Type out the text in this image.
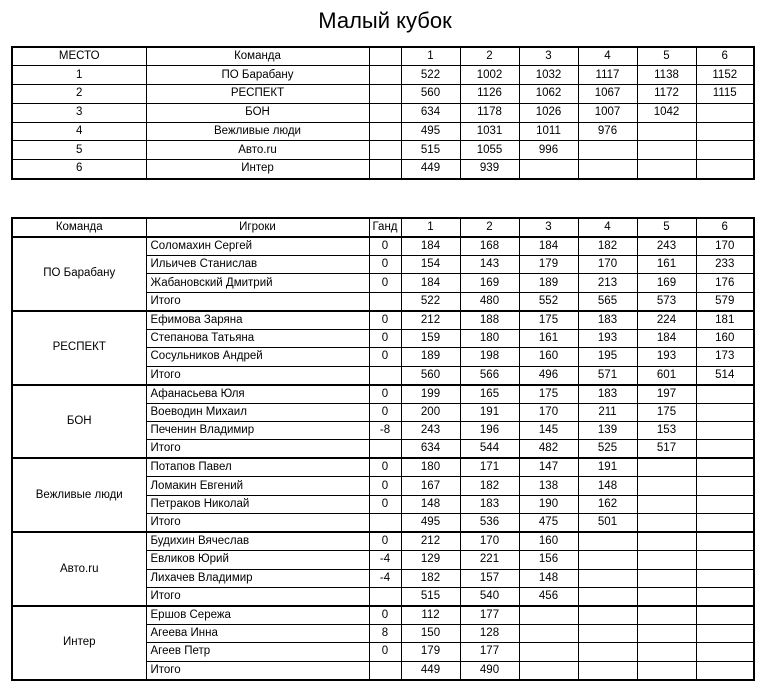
Малый кубок
МЕСТО	Команда		1	2	3	4	5	6
1	ПО Барабану		522	1002	1032	1117	1138	1152
2	РЕСПЕКТ		560	1126	1062	1067	1172	1115
3	БОН		634	1178	1026	1007	1042	
4	Вежливые люди		495	1031	1011	976		
5	Авто.ru		515	1055	996			
6	Интер		449	939				
Команда	Игроки	Ганд	1	2	3	4	5	6
ПО Барабану	Соломахин Сергей	0	184	168	184	182	243	170
	Ильичев Станислав	0	154	143	179	170	161	233
	Жабановский Дмитрий	0	184	169	189	213	169	176
	Итого		522	480	552	565	573	579
РЕСПЕКТ	Ефимова Заряна	0	212	188	175	183	224	181
	Степанова Татьяна	0	159	180	161	193	184	160
	Сосульников Андрей	0	189	198	160	195	193	173
	Итого		560	566	496	571	601	514
БОН	Афанасьева Юля	0	199	165	175	183	197	
	Воеводин Михаил	0	200	191	170	211	175	
	Печенин Владимир	-8	243	196	145	139	153	
	Итого		634	544	482	525	517	
Вежливые люди	Потапов Павел	0	180	171	147	191		
	Ломакин Евгений	0	167	182	138	148		
	Петраков Николай	0	148	183	190	162		
	Итого		495	536	475	501		
Авто.ru	Будихин Вячеслав	0	212	170	160			
	Евликов Юрий	-4	129	221	156			
	Лихачев Владимир	-4	182	157	148			
	Итого		515	540	456			
Интер	Ершов Сережа	0	112	177				
	Агеева Инна	8	150	128				
	Агеев Петр	0	179	177				
	Итого		449	490				
